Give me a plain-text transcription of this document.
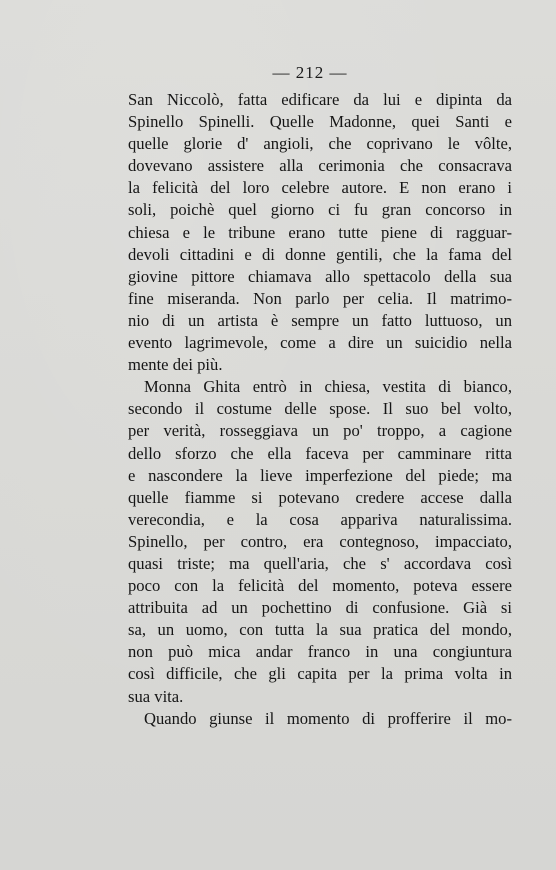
— 212 —
San Niccolò, fatta edificare da lui e dipinta da
Spinello Spinelli. Quelle Madonne, quei Santi e
quelle glorie d' angioli, che coprivano le vôlte,
dovevano assistere alla cerimonia che consacrava
la felicità del loro celebre autore. E non erano i
soli, poichè quel giorno ci fu gran concorso in
chiesa e le tribune erano tutte piene di ragguar-
devoli cittadini e di donne gentili, che la fama del
giovine pittore chiamava allo spettacolo della sua
fine miseranda. Non parlo per celia. Il matrimo-
nio di un artista è sempre un fatto luttuoso, un
evento lagrimevole, come a dire un suicidio nella
mente dei più.
Monna Ghita entrò in chiesa, vestita di bianco,
secondo il costume delle spose. Il suo bel volto,
per verità, rosseggiava un po' troppo, a cagione
dello sforzo che ella faceva per camminare ritta
e nascondere la lieve imperfezione del piede; ma
quelle fiamme si potevano credere accese dalla
verecondia, e la cosa appariva naturalissima.
Spinello, per contro, era contegnoso, impacciato,
quasi triste; ma quell'aria, che s' accordava così
poco con la felicità del momento, poteva essere
attribuita ad un pochettino di confusione. Già si
sa, un uomo, con tutta la sua pratica del mondo,
non può mica andar franco in una congiuntura
così difficile, che gli capita per la prima volta in
sua vita.
Quando giunse il momento di profferire il mo-
